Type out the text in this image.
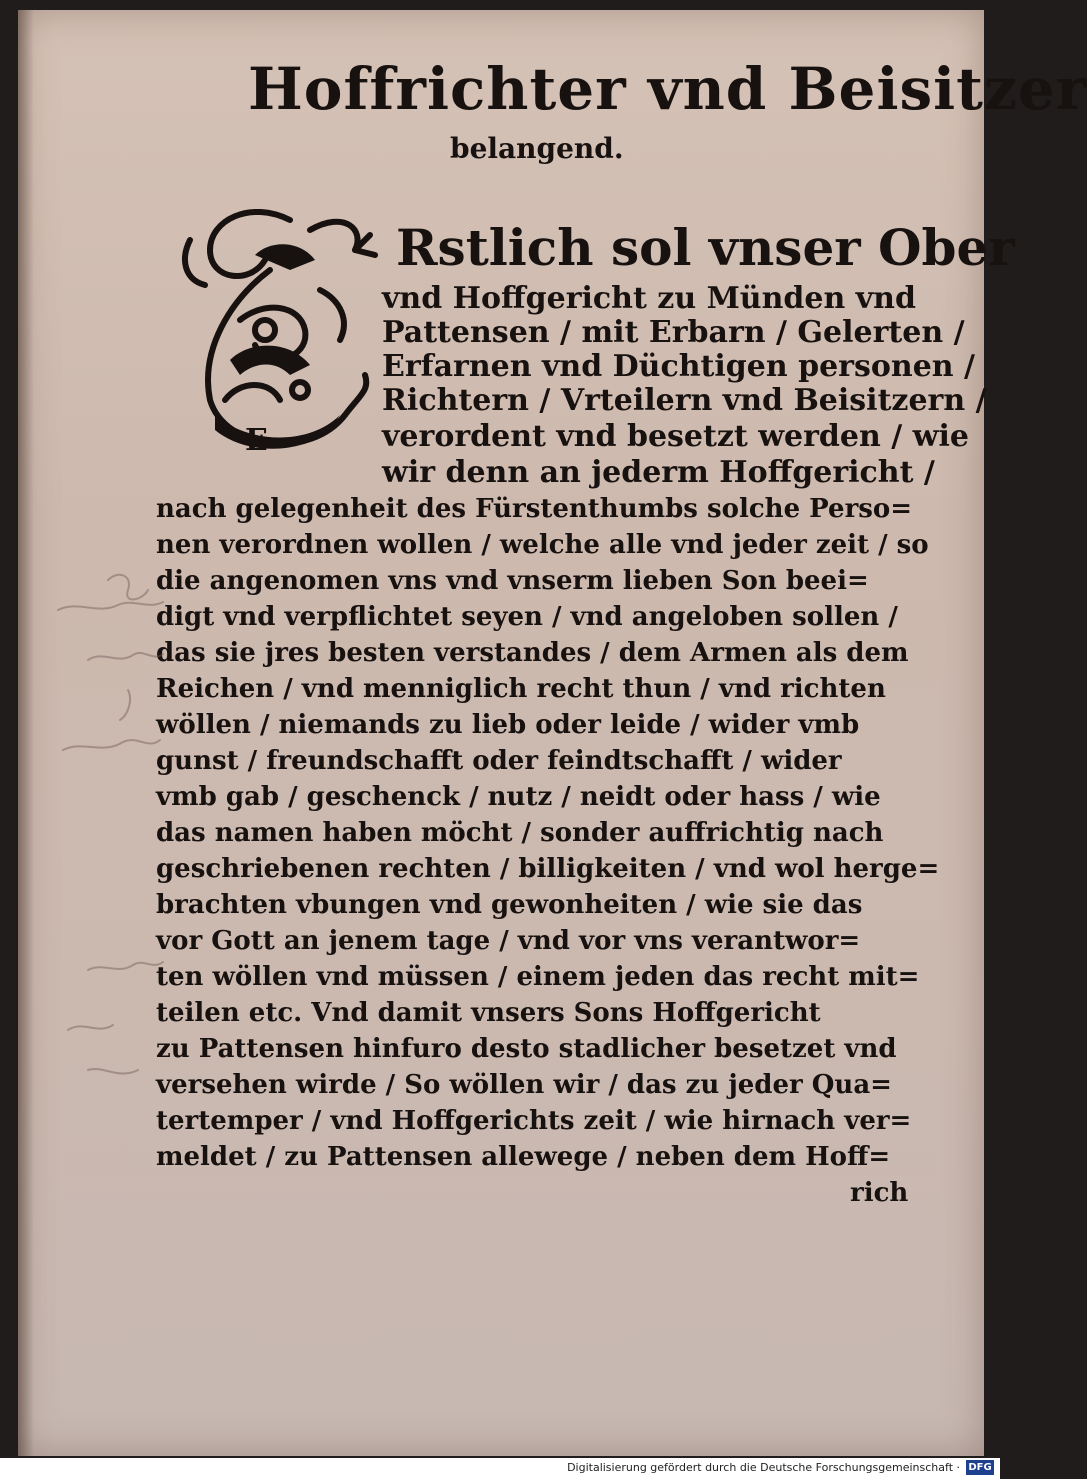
Hoffrichter vnd Beisitzer
belangend.
E
Rstlich sol vnser Ober
vnd Hoffgericht zu Münden vnd
Pattensen / mit Erbarn / Gelerten /
Erfarnen vnd Düchtigen personen /
Richtern / Vrteilern vnd Beisitzern /
verordent vnd besetzt werden / wie
wir denn an jederm Hoffgericht /
nach gelegenheit des Fürstenthumbs solche Perso=
nen verordnen wollen / welche alle vnd jeder zeit / so
die angenomen vns vnd vnserm lieben Son beei=
digt vnd verpflichtet seyen / vnd angeloben sollen /
das sie jres besten verstandes / dem Armen als dem
Reichen / vnd menniglich recht thun / vnd richten
wöllen / niemands zu lieb oder leide / wider vmb
gunst / freundschafft oder feindtschafft / wider
vmb gab / geschenck / nutz / neidt oder hass / wie
das namen haben möcht / sonder auffrichtig nach
geschriebenen rechten / billigkeiten / vnd wol herge=
brachten vbungen vnd gewonheiten / wie sie das
vor Gott an jenem tage / vnd vor vns verantwor=
ten wöllen vnd müssen / einem jeden das recht mit=
teilen etc. Vnd damit vnsers Sons Hoffgericht
zu Pattensen hinfuro desto stadlicher besetzet vnd
versehen wirde / So wöllen wir / das zu jeder Qua=
tertemper / vnd Hoffgerichts zeit / wie hirnach ver=
meldet / zu Pattensen allewege / neben dem Hoff=
rich
Digitalisierung gefördert durch die Deutsche Forschungsgemeinschaft · DFG
